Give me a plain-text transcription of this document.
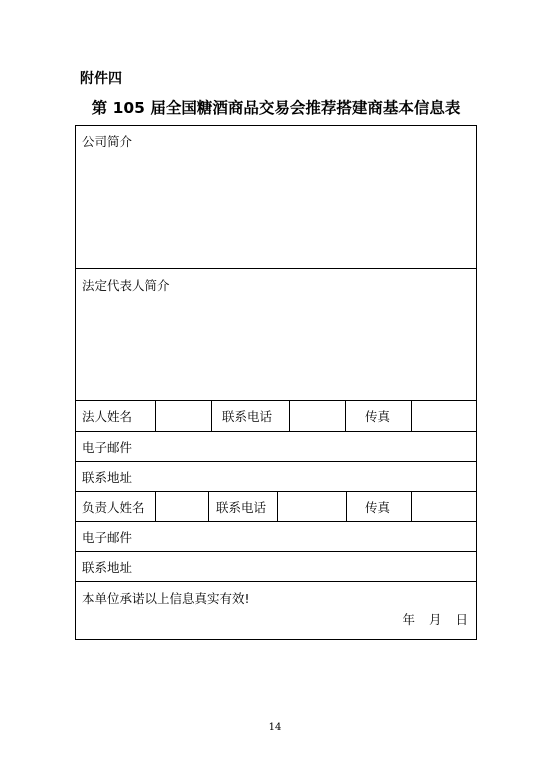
附件四
第 105 届全国糖酒商品交易会推荐搭建商基本信息表
公司简介
法定代表人简介
法人姓名	联系电话	传真
电子邮件
联系地址
负责人姓名	联系电话	传真
电子邮件
联系地址
本单位承诺以上信息真实有效!
年 月 日
14
